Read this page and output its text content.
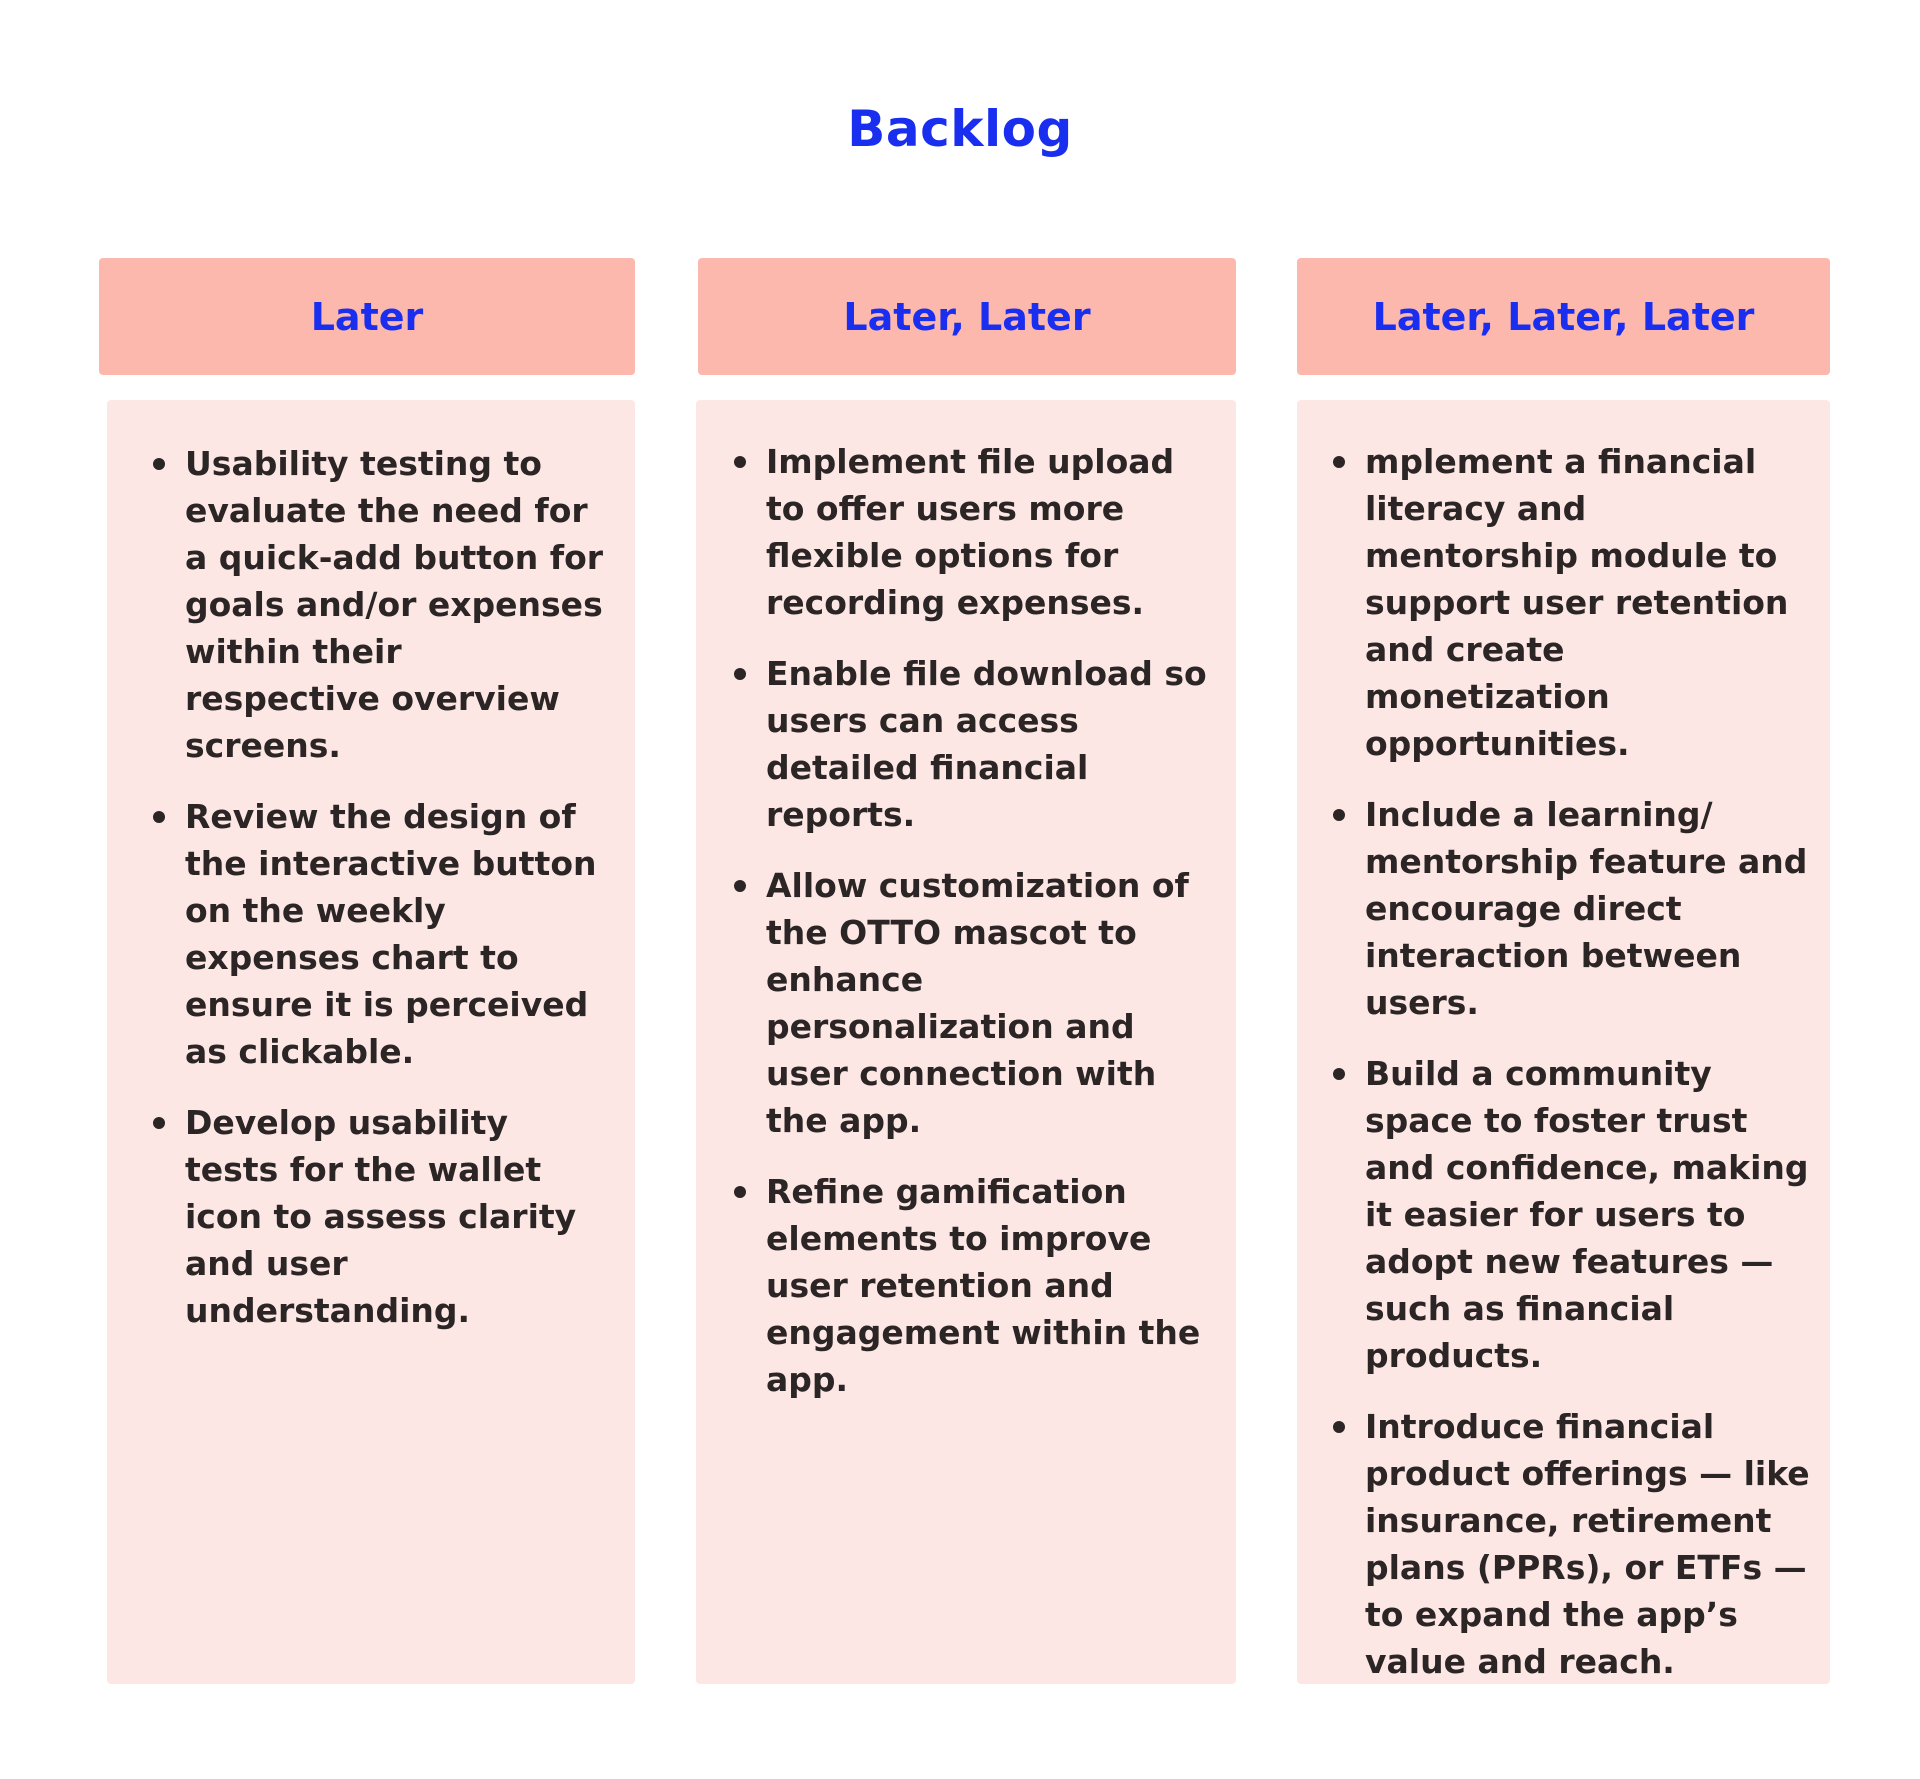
Backlog
Later	Later, Later	Later, Later, Later
Usability testing to evaluate the need for a quick-add button for goals and/or expenses within their respective overview screens.
Review the design of the interactive button on the weekly expenses chart to ensure it is perceived as clickable.
Develop usability tests for the wallet icon to assess clarity and user understanding.
Implement file upload to offer users more flexible options for recording expenses.
Enable file download so users can access detailed financial reports.
Allow customization of the OTTO mascot to enhance personalization and user connection with the app.
Refine gamification elements to improve user retention and engagement within the app.
mplement a financial literacy and mentorship module to support user retention and create monetization opportunities.
Include a learning/ mentorship feature and encourage direct interaction between users.
Build a community space to foster trust and confidence, making it easier for users to adopt new features — such as financial products.
Introduce financial product offerings — like insurance, retirement plans (PPRs), or ETFs — to expand the app’s value and reach.
